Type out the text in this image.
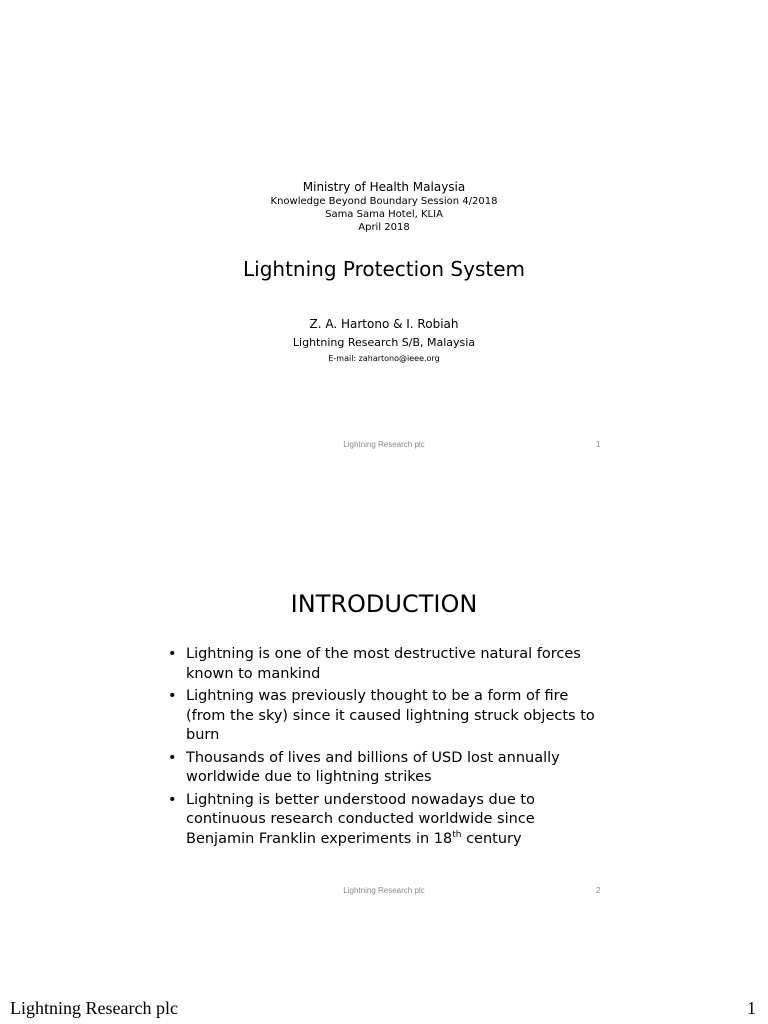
Ministry of Health Malaysia
Knowledge Beyond Boundary Session 4/2018
Sama Sama Hotel, KLIA
April 2018
Lightning Protection System
Z. A. Hartono & I. Robiah
Lightning Research S/B, Malaysia
E-mail: zahartono@ieee.org
Lightning Research plc	1
INTRODUCTION
• Lightning is one of the most destructive natural forces known to mankind
• Lightning was previously thought to be a form of fire (from the sky) since it caused lightning struck objects to burn
• Thousands of lives and billions of USD lost annually worldwide due to lightning strikes
• Lightning is better understood nowadays due to continuous research conducted worldwide since Benjamin Franklin experiments in 18th century
Lightning Research plc	2
Lightning Research plc	1
